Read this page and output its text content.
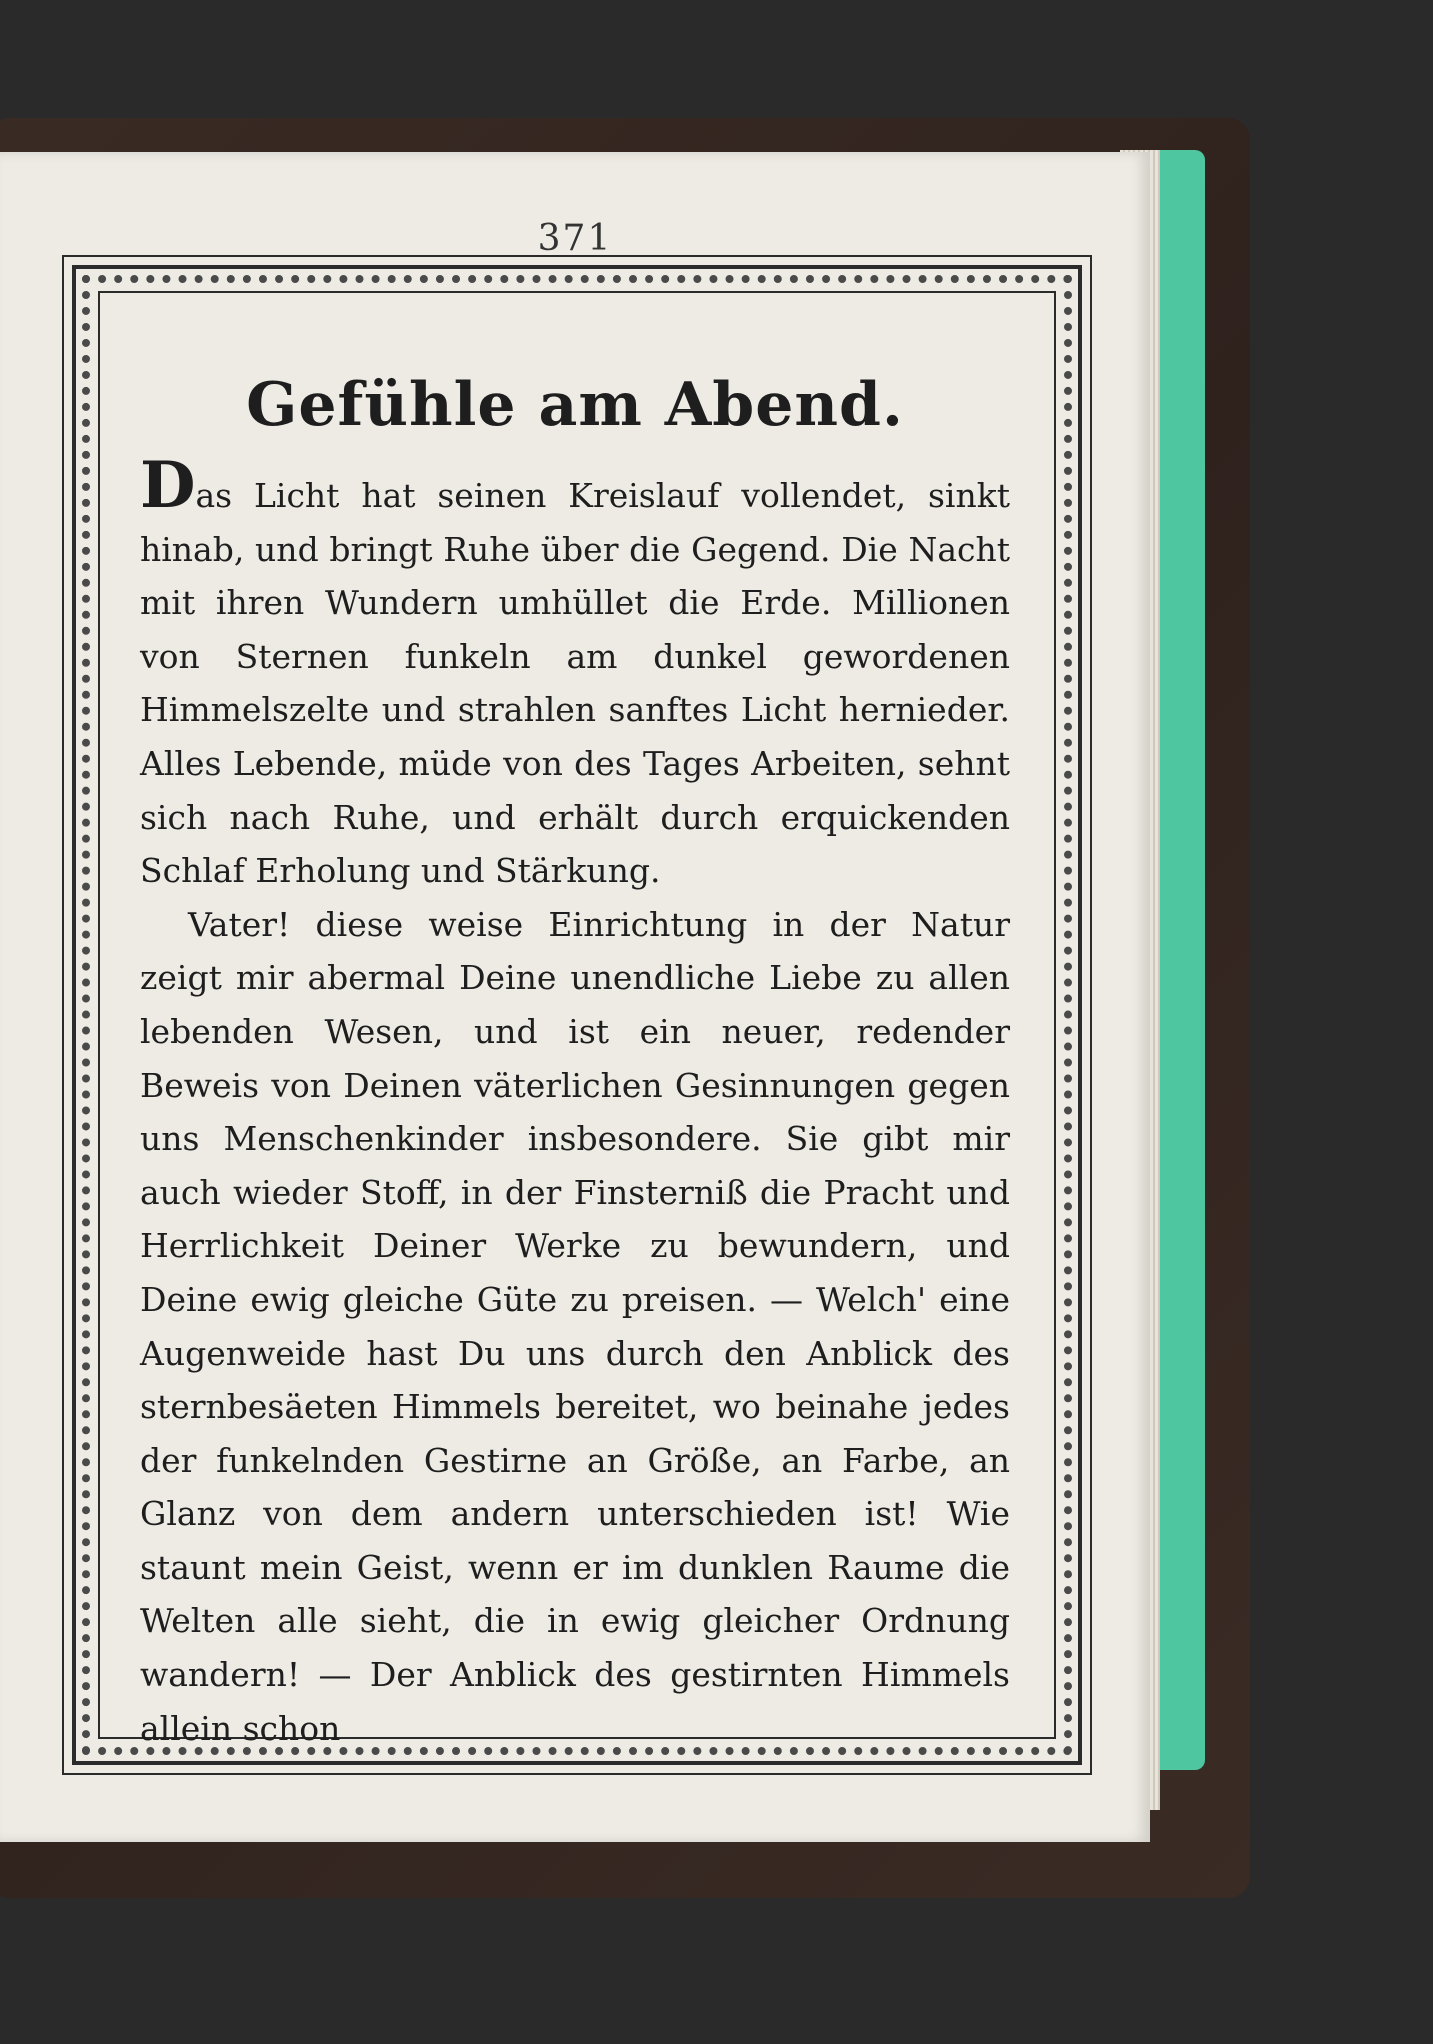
371
Gefühle am Abend.

Das Licht hat seinen Kreislauf vollendet, sinkt hinab, und bringt Ruhe über die Gegend. Die Nacht mit ihren Wundern umhüllet die Erde. Millionen von Sternen funkeln am dunkel gewordenen Himmelszelte und strahlen sanftes Licht hernieder. Alles Lebende, müde von des Tages Arbeiten, sehnt sich nach Ruhe, und erhält durch erquickenden Schlaf Erholung und Stärkung.

Vater! diese weise Einrichtung in der Natur zeigt mir abermal Deine unendliche Liebe zu allen lebenden Wesen, und ist ein neuer, redender Beweis von Deinen väterlichen Gesinnungen gegen uns Menschenkinder insbesondere. Sie gibt mir auch wieder Stoff, in der Finsterniß die Pracht und Herrlichkeit Deiner Werke zu bewundern, und Deine ewig gleiche Güte zu preisen. — Welch' eine Augenweide hast Du uns durch den Anblick des sternbesäeten Himmels bereitet, wo beinahe jedes der funkelnden Gestirne an Größe, an Farbe, an Glanz von dem andern unterschieden ist! Wie staunt mein Geist, wenn er im dunklen Raume die Welten alle sieht, die in ewig gleicher Ordnung wandern! — Der Anblick des gestirnten Himmels allein schon
